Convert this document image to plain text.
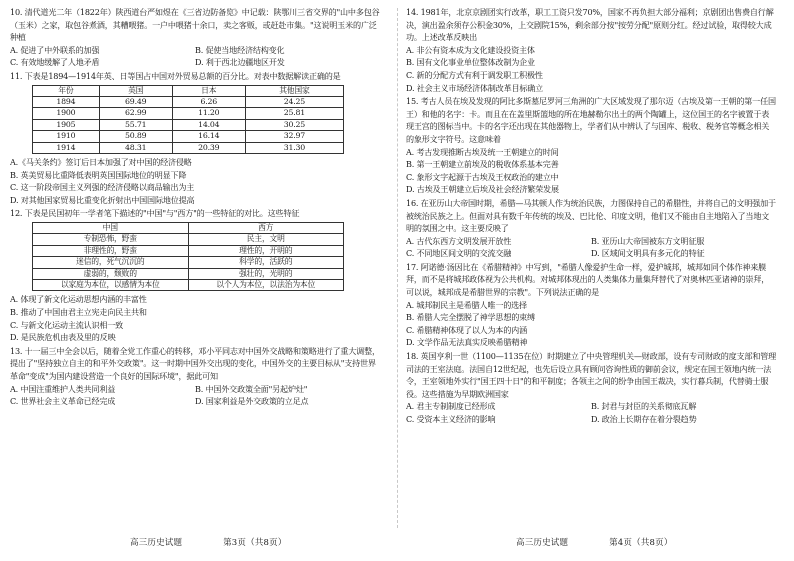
10. 清代道光二年（1822年）陕西道台严如煜在《三省边防备览》中记载：陕鄂川三省交界的"山中多包谷（玉米）之家，取包谷煮酒，其糟喂猪。一户中喂猪十余口，卖之客贩，或赶赴市集。"这说明玉米的广泛种植
A. 促进了中外联系的加强	B. 促使当地经济结构变化
C. 有效地缓解了人地矛盾	D. 利于西北边疆地区开发
11. 下表是1894—1914年英、日等国占中国对外贸易总额的百分比。对表中数据解读正确的是
年份	英国	日本	其他国家
1894	69.49	6.26	24.25
1900	62.99	11.20	25.81
1905	55.71	14.04	30.25
1910	50.89	16.14	32.97
1914	48.31	20.39	31.30
A.《马关条约》签订后日本加强了对中国的经济侵略
B. 英美贸易比重降低表明英国国际地位的明显下降
C. 这一阶段帝国主义列强的经济侵略以商品输出为主
D. 对其他国家贸易比重变化折射出中国国际地位提高
12. 下表是民国初年一学者笔下描述的"中国"与"西方"的一些特征的对比。这些特征
中国	西方
专制恐怖，野蛮	民主，文明
非理性的，野蛮	理性的，开明的
迷信的，死气沉沉的	科学的，活跃的
虚弱的，颓败的	强壮的，光明的
以家庭为本位，以感情为本位	以个人为本位，以法治为本位
A. 体现了新文化运动思想内涵的丰富性
B. 推动了中国由君主立宪走向民主共和
C. 与新文化运动主流认识相一致
D. 是民族危机由表及里的反映
13. 十一届三中全会以后，随着全党工作重心的转移，邓小平同志对中国外交战略和策略进行了重大调整，提出了"坚持独立自主的和平外交政策"。这一时期中国外交出现的变化，中国外交的主要目标从"支持世界革命"变成"为国内建设营造一个良好的国际环境"，据此可知
A. 中国注重维护人类共同利益	B. 中国外交政策全面"另起炉灶"
C. 世界社会主义革命已经完成	D. 国家利益是外交政策的立足点
高三历史试题	第3页（共8页）
14. 1981年，北京京剧团实行改革，职工工资只发70%，国家不再负担大部分福利；京剧团出售费自行解决，演出盈余须存公积金30%，上交剧院15%，剩余部分按"按劳分配"原则分红。经过试验，取得较大成功。上述改革反映出
A. 非公有资本成为文化建设投资主体
B. 国有文化事业单位整体改制为企业
C. 新的分配方式有利于调发职工积极性
D. 社会主义市场经济体制改革目标确立
15. 考古人员在埃及发现的阿比多斯墓尼罗河三角洲的广大区域发现了那尔迈（古埃及第一王朝的第一任国王）和他的名字：卡。而且在在盖里斯篮地的所在地赫勒尔出土的两个陶罐上，这位国王的名字被置于表现王宫的图标当中。卡的名字还出现在其他器物上，学者们从中辨认了与国库、税收、税务官等概念相关的象形文字符号。这意味着
A. 考古发现推断古埃及统一王朝建立的时间
B. 第一王朝建立前埃及的税收体系基本完善
C. 象形文字起源于古埃及王权政治的建立中
D. 古埃及王朝建立后埃及社会经济繁荣发展
16. 在亚历山大帝国时期，希腊—马其顿人作为统治民族，力图保持自己的希腊性，并将自己的文明强加于被统治民族之上。但面对具有数千年传统的埃及、巴比伦、印度文明，他们又不能由自主地陷入了当地文明的氛围之中。这主要反映了
A. 古代东西方文明发展开放性	B. 亚历山大帝国被东方文明征服
C. 不同地区间文明的交流交融	D. 区域间文明具有多元化的特征
17. 阿诺德·汤因比在《希腊精神》中写到，"希腊人像爱护生命一样，爱护城邦，城邦如同个体作神来膜拜，而不是将城邦政体视为公共机构。对城邦体现出的人类集体力量集拜替代了对奥林匹亚诸神的崇拜，可以说，城邦成是希腊世界的宗教"。下列说法正确的是
A. 城邦制民主是希腊人唯一的选择
B. 希腊人完全摆脱了神学思想的束缚
C. 希腊精神体现了以人为本的内涵
D. 文学作品无法真实反映希腊精神
18. 英国亨利一世（1100—1135在位）时期建立了中央管理机关—财政部，设有专司财政的度支部和管理司法的王室法庭。法国自12世纪起，也先后设立具有顾问咨询性质的御前会议，规定在国王领地内统一法令，王室领地外实行"国王四十日"的和平制度；各领主之间的纷争由国王裁决，实行暮兵制，代替骑士服役。这些措施为早期欧洲国家
A. 君主专制制度已经形成	B. 封君与封臣的关系彻底瓦解
C. 受资本主义经济的影响	D. 政治上长期存在着分裂趋势
高三历史试题	第4页（共8页）
